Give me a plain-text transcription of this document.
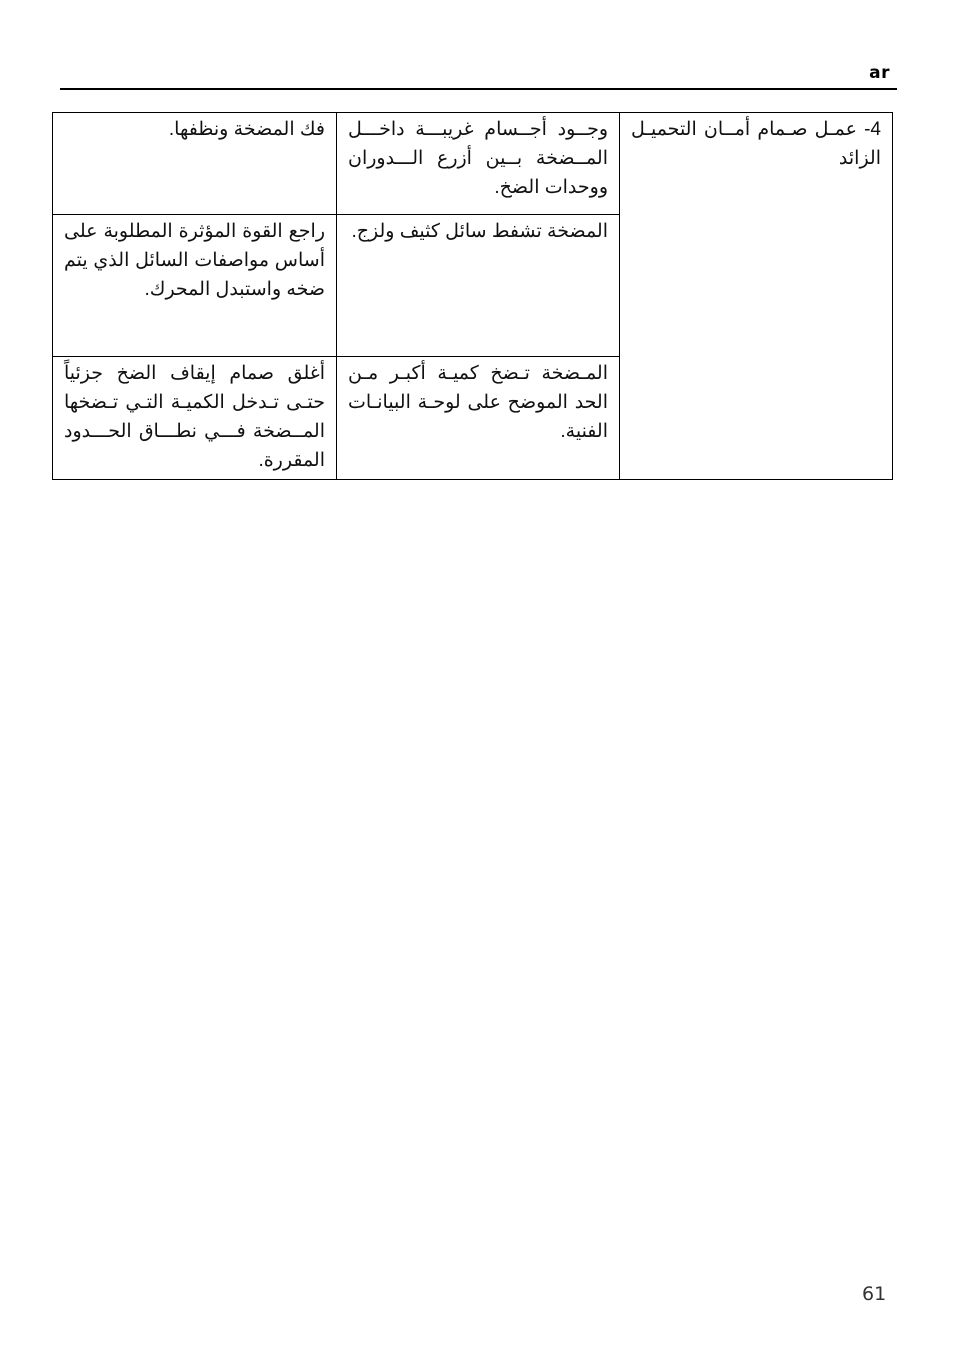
ar
4- عمـل صـمام أمــان التحميـل الزائد	وجــود أجــسام غريبـــة داخـــل المــضخة بــين أزرع الـــدوران ووحدات الضخ.	فك المضخة ونظفها.
	المضخة تشفط سائل كثيف ولزج.	راجع القوة المؤثرة المطلوبة على أساس مواصفات السائل الذي يتم ضخه واستبدل المحرك.
	المـضخة تـضخ كميـة أكبـر مـن الحد الموضح على لوحـة البيانـات الفنية.	أغلق صمام إيقاف الضخ جزئياً حتـى تـدخل الكميـة التـي تـضخها المــضخة فـــي نطـــاق الحـــدود المقررة.
61
